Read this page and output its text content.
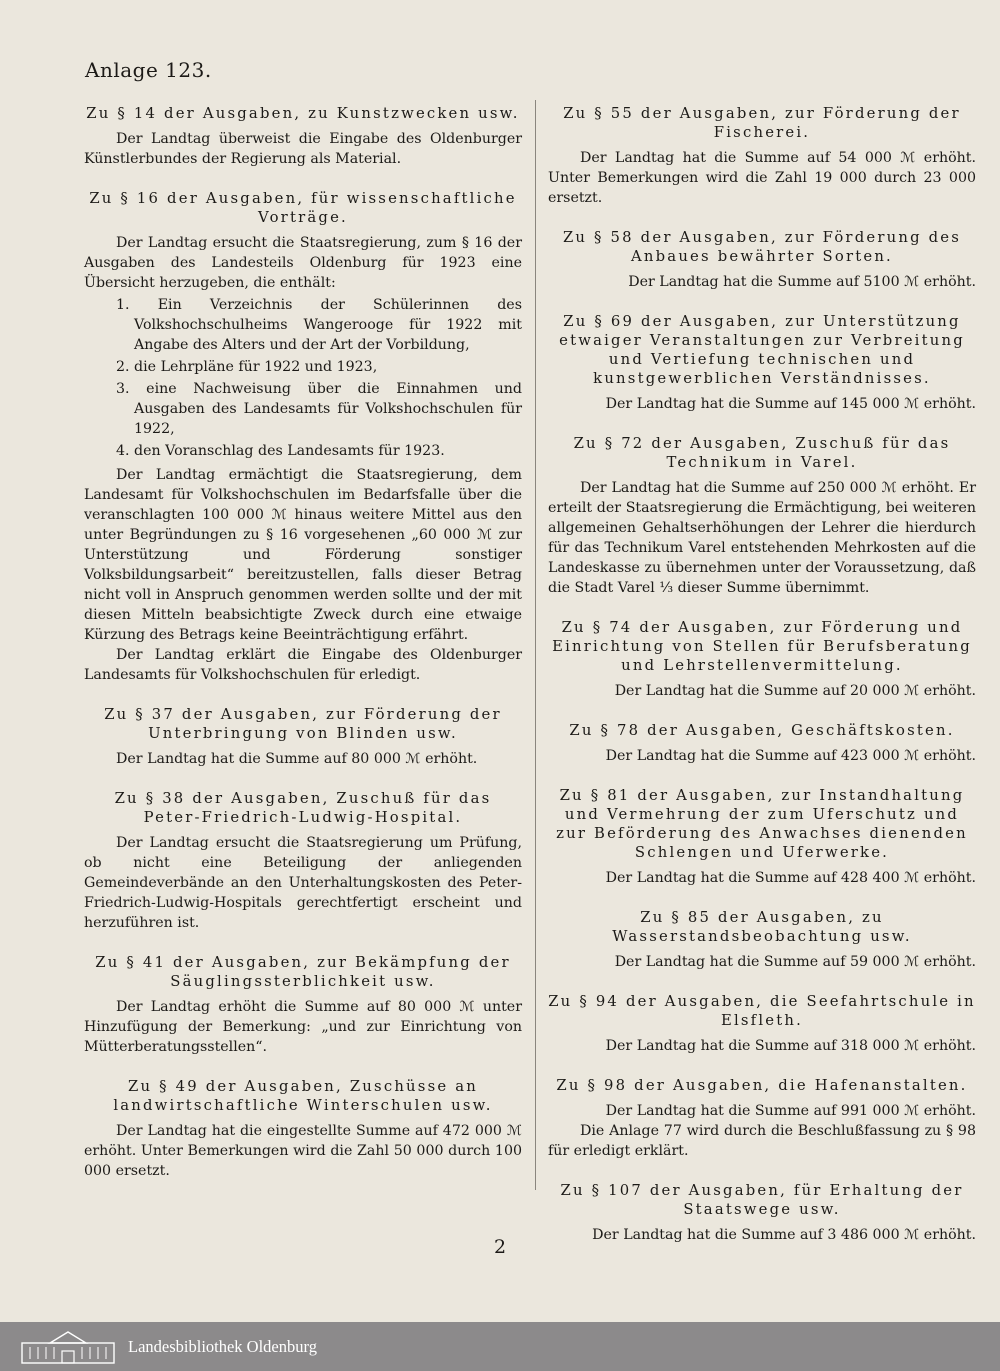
Anlage 123.

Zu § 14 der Ausgaben, zu Kunstzwecken usw.

Der Landtag überweist die Eingabe des Oldenburger Künstlerbundes der Regierung als Material.

Zu § 16 der Ausgaben, für wissenschaftliche Vorträge.

Der Landtag ersucht die Staatsregierung, zum § 16 der Ausgaben des Landesteils Oldenburg für 1923 eine Übersicht herzugeben, die enthält:

1. Ein Verzeichnis der Schülerinnen des Volkshochschulheims Wangerooge für 1922 mit Angabe des Alters und der Art der Vorbildung,
2. die Lehrpläne für 1922 und 1923,
3. eine Nachweisung über die Einnahmen und Ausgaben des Landesamts für Volkshochschulen für 1922,
4. den Voranschlag des Landesamts für 1923.

Der Landtag ermächtigt die Staatsregierung, dem Landesamt für Volkshochschulen im Bedarfsfalle über die veranschlagten 100 000 ℳ hinaus weitere Mittel aus den unter Begründungen zu § 16 vorgesehenen „60 000 ℳ zur Unterstützung und Förderung sonstiger Volksbildungsarbeit“ bereitzustellen, falls dieser Betrag nicht voll in Anspruch genommen werden sollte und der mit diesen Mitteln beabsichtigte Zweck durch eine etwaige Kürzung des Betrags keine Beeinträchtigung erfährt.

Der Landtag erklärt die Eingabe des Oldenburger Landesamts für Volkshochschulen für erledigt.

Zu § 37 der Ausgaben, zur Förderung der Unterbringung von Blinden usw.

Der Landtag hat die Summe auf 80 000 ℳ erhöht.

Zu § 38 der Ausgaben, Zuschuß für das Peter-Friedrich-Ludwig-Hospital.

Der Landtag ersucht die Staatsregierung um Prüfung, ob nicht eine Beteiligung der anliegenden Gemeindeverbände an den Unterhaltungskosten des Peter-Friedrich-Ludwig-Hospitals gerechtfertigt erscheint und herzuführen ist.

Zu § 41 der Ausgaben, zur Bekämpfung der Säuglingssterblichkeit usw.

Der Landtag erhöht die Summe auf 80 000 ℳ unter Hinzufügung der Bemerkung: „und zur Einrichtung von Mütterberatungsstellen“.

Zu § 49 der Ausgaben, Zuschüsse an landwirtschaftliche Winterschulen usw.

Der Landtag hat die eingestellte Summe auf 472 000 ℳ erhöht. Unter Bemerkungen wird die Zahl 50 000 durch 100 000 ersetzt.

Zu § 55 der Ausgaben, zur Förderung der Fischerei.

Der Landtag hat die Summe auf 54 000 ℳ erhöht. Unter Bemerkungen wird die Zahl 19 000 durch 23 000 ersetzt.

Zu § 58 der Ausgaben, zur Förderung des Anbaues bewährter Sorten.

Der Landtag hat die Summe auf 5100 ℳ erhöht.

Zu § 69 der Ausgaben, zur Unterstützung etwaiger Veranstaltungen zur Verbreitung und Vertiefung technischen und kunstgewerblichen Verständnisses.

Der Landtag hat die Summe auf 145 000 ℳ erhöht.

Zu § 72 der Ausgaben, Zuschuß für das Technikum in Varel.

Der Landtag hat die Summe auf 250 000 ℳ erhöht. Er erteilt der Staatsregierung die Ermächtigung, bei weiteren allgemeinen Gehaltserhöhungen der Lehrer die hierdurch für das Technikum Varel entstehenden Mehrkosten auf die Landeskasse zu übernehmen unter der Voraussetzung, daß die Stadt Varel ⅓ dieser Summe übernimmt.

Zu § 74 der Ausgaben, zur Förderung und Einrichtung von Stellen für Berufsberatung und Lehrstellenvermittelung.

Der Landtag hat die Summe auf 20 000 ℳ erhöht.

Zu § 78 der Ausgaben, Geschäftskosten.

Der Landtag hat die Summe auf 423 000 ℳ erhöht.

Zu § 81 der Ausgaben, zur Instandhaltung und Vermehrung der zum Uferschutz und zur Beförderung des Anwachses dienenden Schlengen und Uferwerke.

Der Landtag hat die Summe auf 428 400 ℳ erhöht.

Zu § 85 der Ausgaben, zu Wasserstandsbeobachtung usw.

Der Landtag hat die Summe auf 59 000 ℳ erhöht.

Zu § 94 der Ausgaben, die Seefahrtschule in Elsfleth.

Der Landtag hat die Summe auf 318 000 ℳ erhöht.

Zu § 98 der Ausgaben, die Hafenanstalten.

Der Landtag hat die Summe auf 991 000 ℳ erhöht.

Die Anlage 77 wird durch die Beschlußfassung zu § 98 für erledigt erklärt.

Zu § 107 der Ausgaben, für Erhaltung der Staatswege usw.

Der Landtag hat die Summe auf 3 486 000 ℳ erhöht.

2
Landesbibliothek Oldenburg
